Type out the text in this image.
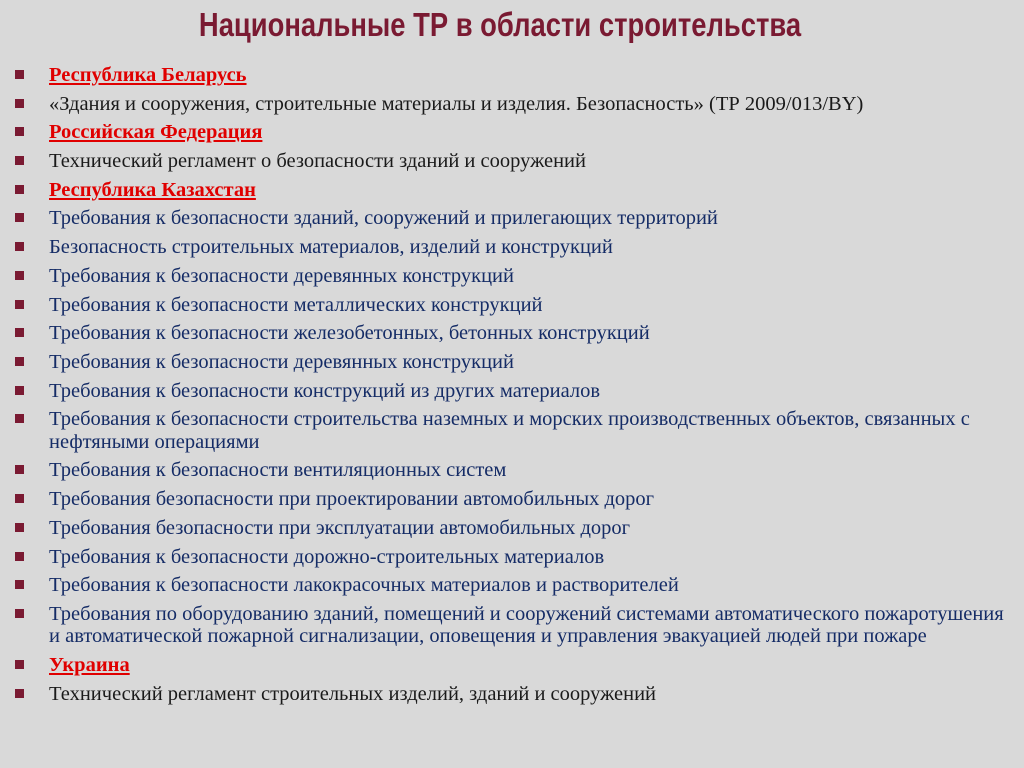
Национальные ТР в области строительства
Республика Беларусь
«Здания и сооружения, строительные материалы и изделия. Безопасность» (ТР 2009/013/BY)
Российская Федерация
Технический регламент о безопасности зданий и сооружений
Республика Казахстан
Требования к безопасности зданий, сооружений и прилегающих территорий
Безопасность строительных материалов, изделий и конструкций
Требования к безопасности деревянных конструкций
Требования к безопасности металлических конструкций
Требования к безопасности железобетонных, бетонных конструкций
Требования к безопасности деревянных конструкций
Требования к безопасности конструкций из других материалов
Требования к безопасности строительства наземных и морских производственных объектов, связанных с нефтяными операциями
Требования к безопасности вентиляционных систем
Требования безопасности при проектировании автомобильных дорог
Требования безопасности при эксплуатации автомобильных дорог
Требования к безопасности дорожно-строительных материалов
Требования к безопасности лакокрасочных материалов и растворителей
Требования по оборудованию зданий, помещений и сооружений системами автоматического пожаротушения и автоматической пожарной сигнализации, оповещения и управления эвакуацией людей при пожаре
Украина
Технический регламент строительных изделий, зданий и сооружений
